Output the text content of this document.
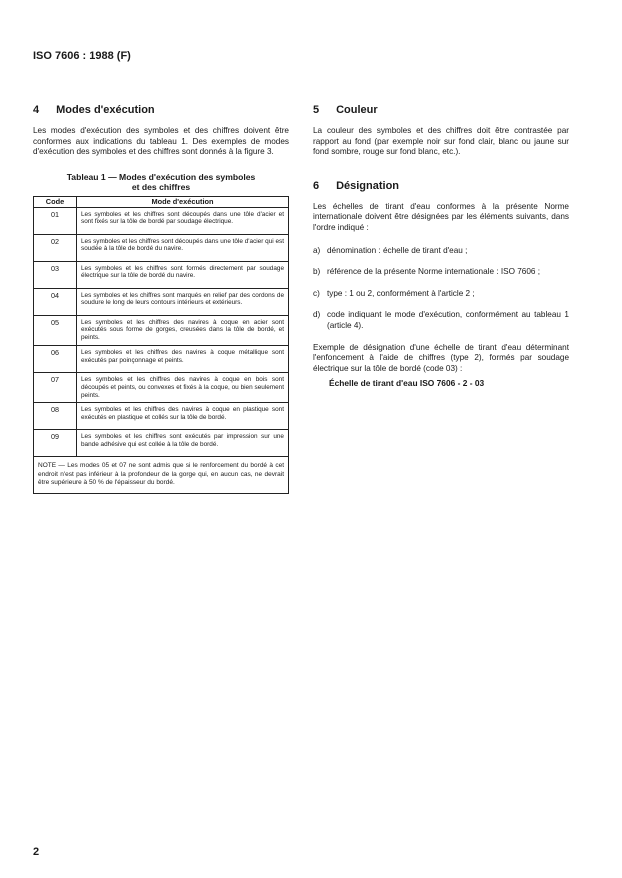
ISO 7606 : 1988 (F)
4 Modes d'exécution

Les modes d'exécution des symboles et des chiffres doivent être conformes aux indications du tableau 1. Des exemples de modes d'exécution des symboles et des chiffres sont donnés à la figure 3.

Tableau 1 — Modes d'exécution des symboles
et des chiffres
Code	Mode d'exécution
01	Les symboles et les chiffres sont découpés dans une tôle d'acier et sont fixés sur la tôle de bordé par soudage électrique.
02	Les symboles et les chiffres sont découpés dans une tôle d'acier qui est soudée à la tôle de bordé du navire.
03	Les symboles et les chiffres sont formés directement par soudage électrique sur la tôle de bordé du navire.
04	Les symboles et les chiffres sont marqués en relief par des cordons de soudure le long de leurs contours intérieurs et extérieurs.
05	Les symboles et les chiffres des navires à coque en acier sont exécutés sous forme de gorges, creusées dans la tôle de bordé, et peints.
06	Les symboles et les chiffres des navires à coque métallique sont exécutés par poinçonnage et peints.
07	Les symboles et les chiffres des navires à coque en bois sont découpés et peints, ou convexes et fixés à la coque, ou bien seulement peints.
08	Les symboles et les chiffres des navires à coque en plastique sont exécutés en plastique et collés sur la tôle de bordé.
09	Les symboles et les chiffres sont exécutés par impression sur une bande adhésive qui est collée à la tôle de bordé.
NOTE — Les modes 05 et 07 ne sont admis que si le renforcement du bordé à cet endroit n'est pas inférieur à la profondeur de la gorge qui, en aucun cas, ne devrait être supérieure à 50 % de l'épaisseur du bordé.	
5 Couleur

La couleur des symboles et des chiffres doit être contrastée par rapport au fond (par exemple noir sur fond clair, blanc ou jaune sur fond sombre, rouge sur fond blanc, etc.).

6 Désignation

Les échelles de tirant d'eau conformes à la présente Norme internationale doivent être désignées par les éléments suivants, dans l'ordre indiqué :

a) dénomination : échelle de tirant d'eau ;
b) référence de la présente Norme internationale : ISO 7606 ;
c) type : 1 ou 2, conformément à l'article 2 ;
d) code indiquant le mode d'exécution, conformément au tableau 1 (article 4).

Exemple de désignation d'une échelle de tirant d'eau déterminant l'enfoncement à l'aide de chiffres (type 2), formés par soudage électrique sur la tôle de bordé (code 03) :

Échelle de tirant d'eau ISO 7606 - 2 - 03
2
